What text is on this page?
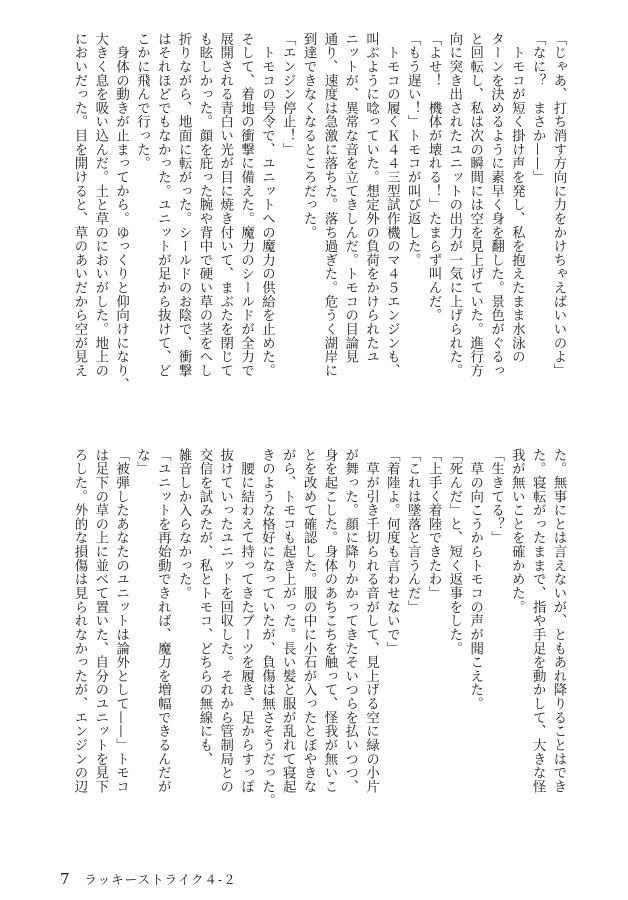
「じゃあ、打ち消す方向に力をかけちゃえばいいのよ」
「なに？　まさか——」
　トモコが短く掛け声を発し、私を抱えたまま水泳の
ターンを決めるように素早く身を翻した。景色がぐるっ
と回転し、私は次の瞬間には空を見上げていた。進行方
向に突き出されたユニットの出力が一気に上げられた。
「よせ！　機体が壊れる！」たまらず叫んだ。
「もう遅い！」トモコが叫び返した。
　トモコの履くＫ４４三型試作機のマ４５エンジンも、
叫ぶように唸っていた。想定外の負荷をかけられたユ
ニットが、異常な音を立てきしんだ。トモコの目論見
通り、速度は急激に落ちた。落ち過ぎた。危うく湖岸に
到達できなくなるところだった。
「エンジン停止！」
　トモコの号令で、ユニットへの魔力の供給を止めた。
そして、着地の衝撃に備えた。魔力のシールドが全力で
展開される青白い光が目に焼き付いて、まぶたを閉じて
も眩しかった。顔を庇った腕や背中で硬い草の茎をへし
折りながら、地面に転がった。シールドのお陰で、衝撃
はそれほどでもなかった。ユニットが足から抜けて、ど
こかに飛んで行った。
　身体の動きが止まってから。ゆっくりと仰向けになり、
大きく息を吸い込んだ。土と草のにおいがした。地上の
においだった。目を開けると、草のあいだから空が見え
た。無事にとは言えないが、ともあれ降りることはでき
た。寝転がったままで、指や手足を動かして、大きな怪
我が無いことを確かめた。
「生きてる？」
　草の向こうからトモコの声が聞こえた。
「死んだ」と、短く返事をした。
「上手く着陸できたわ」
「これは墜落と言うんだ」
「着陸よ。何度も言わせないで」
　草が引き千切られる音がして、見上げる空に緑の小片
が舞った。顔に降りかかってきたそいつらを払いつつ、
身を起こした。身体のあちこちを触って、怪我が無いこ
とを改めて確認した。服の中に小石が入ったとぼやきな
がら、トモコも起き上がった。長い髪と服が乱れて寝起
きのような格好になっていたが、負傷は無さそうだった。
　腰に結わえて持ってきたブーツを履き、足からすっぽ
抜けていったユニットを回収した。それから管制局との
交信を試みたが、私とトモコ、どちらの無線にも、
雑音しか入らなかった。
「ユニットを再始動できれば、魔力を増幅できるんだが
な」
「被弾したあなたのユニットは論外として——」トモコ
は足下の草の上に並べて置いた、自分のユニットを見下
ろした。外的な損傷は見られなかったが、エンジンの辺
7 ラッキーストライク４-２
